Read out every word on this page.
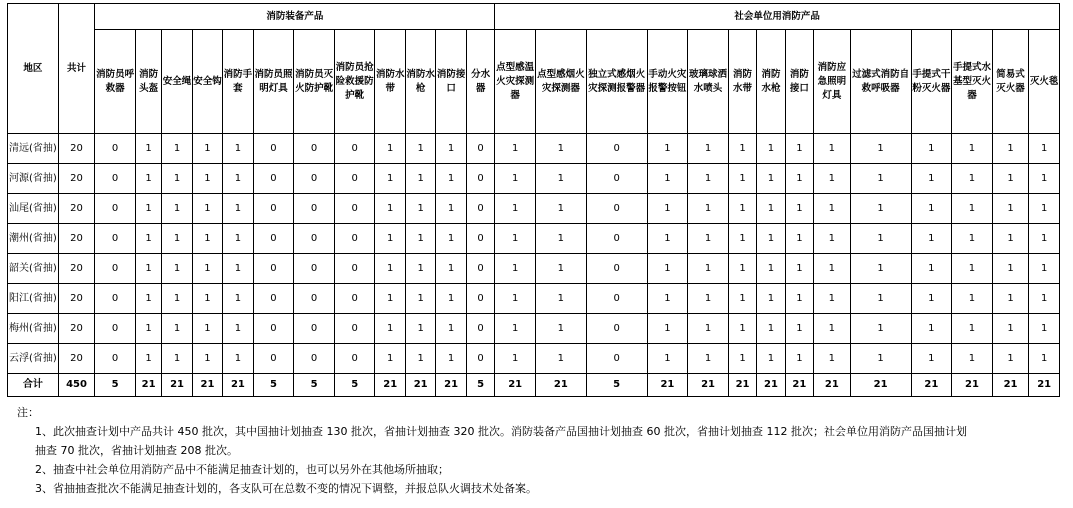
地区	共计	消防装备产品												社会单位用消防产品													
		消防员呼救器	消防头盔	安全绳	安全钩	消防手套	消防员照明灯具	消防员灭火防护靴	消防员抢险救援防护靴	消防水带	消防水枪	消防接口	分水器	点型感温火灾探测器	点型感烟火灾探测器	独立式感烟火灾探测报警器	手动火灾报警按钮	玻璃球洒水喷头	消防水带	消防水枪	消防接口	消防应急照明灯具	过滤式消防自救呼吸器	手提式干粉灭火器	手提式水基型灭火器	简易式灭火器	灭火毯
清远(省抽)	20	0	1	1	1	1	0	0	0	1	1	1	0	1	1	0	1	1	1	1	1	1	1	1	1	1	1
河源(省抽)	20	0	1	1	1	1	0	0	0	1	1	1	0	1	1	0	1	1	1	1	1	1	1	1	1	1	1
汕尾(省抽)	20	0	1	1	1	1	0	0	0	1	1	1	0	1	1	0	1	1	1	1	1	1	1	1	1	1	1
潮州(省抽)	20	0	1	1	1	1	0	0	0	1	1	1	0	1	1	0	1	1	1	1	1	1	1	1	1	1	1
韶关(省抽)	20	0	1	1	1	1	0	0	0	1	1	1	0	1	1	0	1	1	1	1	1	1	1	1	1	1	1
阳江(省抽)	20	0	1	1	1	1	0	0	0	1	1	1	0	1	1	0	1	1	1	1	1	1	1	1	1	1	1
梅州(省抽)	20	0	1	1	1	1	0	0	0	1	1	1	0	1	1	0	1	1	1	1	1	1	1	1	1	1	1
云浮(省抽)	20	0	1	1	1	1	0	0	0	1	1	1	0	1	1	0	1	1	1	1	1	1	1	1	1	1	1
合计	450	5	21	21	21	21	5	5	5	21	21	21	5	21	21	5	21	21	21	21	21	21	21	21	21	21	21

注：

1、此次抽查计划中产品共计 450 批次，其中国抽计划抽查 130 批次，省抽计划抽查 320 批次。消防装备产品国抽计划抽查 60 批次，省抽计划抽查 112 批次；社会单位用消防产品国抽计划

抽查 70 批次，省抽计划抽查 208 批次。

2、抽查中社会单位用消防产品中不能满足抽查计划的，也可以另外在其他场所抽取；

3、省抽抽查批次不能满足抽查计划的，各支队可在总数不变的情况下调整，并报总队火调技术处备案。
